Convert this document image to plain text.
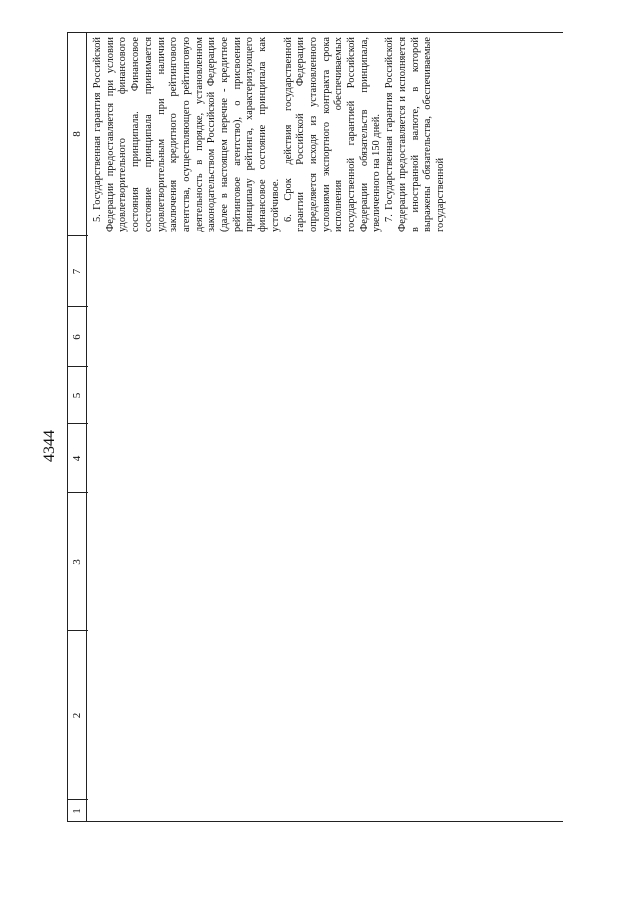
4344
1
2
3
4
5
6
7
8 5. Государственная гарантия Российской Федерации предоставляется при условии удовлетворительного финансового состояния принципала. Финансовое состояние принципала принимается удовлетворительным при наличии заключения кредитного рейтингового агентства, осуществляющего рейтинговую деятельность в порядке, установленном законодательством Российской Федерации (далее в настоящем перечне - кредитное рейтинговое агентство), о присвоении принципалу рейтинга, характеризующего финансовое состояние принципала как устойчивое. 6. Срок действия государственной гарантии Российской Федерации определяется исходя из установленного условиями экспортного контракта срока исполнения обеспечиваемых государственной гарантией Российской Федерации обязательств принципала, увеличенного на 150 дней. 7. Государственная гарантия Российской Федерации предоставляется и исполняется в иностранной валюте, в которой выражены обязательства, обеспечиваемые государственной
